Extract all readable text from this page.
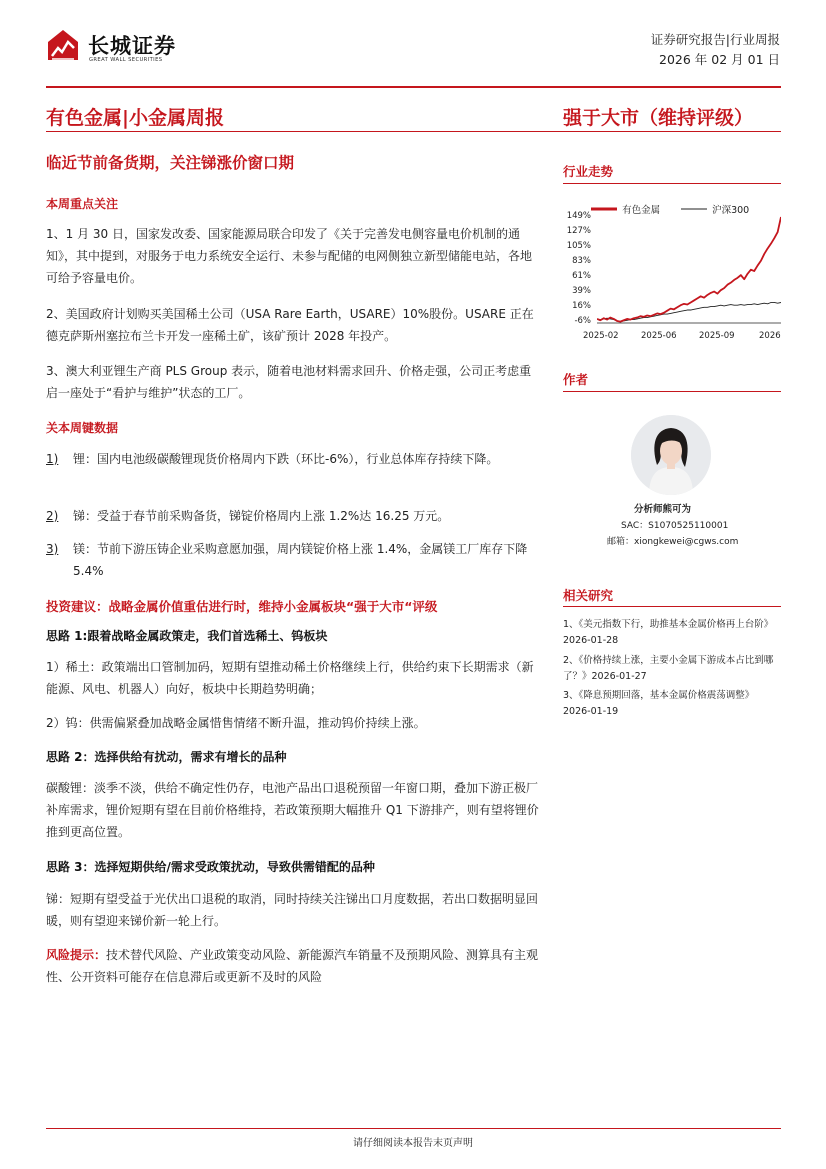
长城证券
GREAT WALL SECURITIES
证券研究报告|行业周报
2026 年 02 月 01 日
有色金属|小金属周报	强于大市（维持评级）
临近节前备货期，关注锑涨价窗口期
本周重点关注
1、1 月 30 日，国家发改委、国家能源局联合印发了《关于完善发电侧容量电价机制的通知》，其中提到，对服务于电力系统安全运行、未参与配储的电网侧独立新型储能电站，各地可给予容量电价。
2、美国政府计划购买美国稀土公司（USA Rare Earth，USARE）10%股份。USARE 正在德克萨斯州塞拉布兰卡开发一座稀土矿，该矿预计 2028 年投产。
3、澳大利亚锂生产商 PLS Group 表示，随着电池材料需求回升、价格走强，公司正考虑重启一座处于“看护与维护”状态的工厂。
关本周键数据
1) 锂：国内电池级碳酸锂现货价格周内下跌（环比-6%），行业总体库存持续下降。
2) 锑：受益于春节前采购备货，锑锭价格周内上涨 1.2%达 16.25 万元。
3) 镁：节前下游压铸企业采购意愿加强，周内镁锭价格上涨 1.4%，金属镁工厂库存下降 5.4%
投资建议：战略金属价值重估进行时，维持小金属板块“强于大市“评级
思路 1:跟着战略金属政策走，我们首选稀土、钨板块
1）稀土：政策端出口管制加码，短期有望推动稀土价格继续上行，供给约束下长期需求（新能源、风电、机器人）向好，板块中长期趋势明确；
2）钨：供需偏紧叠加战略金属惜售情绪不断升温，推动钨价持续上涨。
思路 2：选择供给有扰动，需求有增长的品种
碳酸锂：淡季不淡，供给不确定性仍存，电池产品出口退税预留一年窗口期，叠加下游正极厂补库需求，锂价短期有望在目前价格维持，若政策预期大幅推升 Q1 下游排产，则有望将锂价推到更高位置。
思路 3：选择短期供给/需求受政策扰动，导致供需错配的品种
锑：短期有望受益于光伏出口退税的取消，同时持续关注锑出口月度数据，若出口数据明显回暖，则有望迎来锑价新一轮上行。
风险提示：技术替代风险、产业政策变动风险、新能源汽车销量不及预期风险、测算具有主观性、公开资料可能存在信息滞后或更新不及时的风险
行业走势
有色金属	沪深300
149%
127%
105%
83%
61%
39%
16%
-6%
2025-02	2025-06	2025-09	2026
作者
分析师熊可为
SAC：S1070525110001
邮箱：xiongkewei@cgws.com
相关研究
1、《美元指数下行，助推基本金属价格再上台阶》2026-01-28
2、《价格持续上涨，主要小金属下游成本占比到哪了？》2026-01-27
3、《降息预期回落，基本金属价格震荡调整》2026-01-19
请仔细阅读本报告末页声明
